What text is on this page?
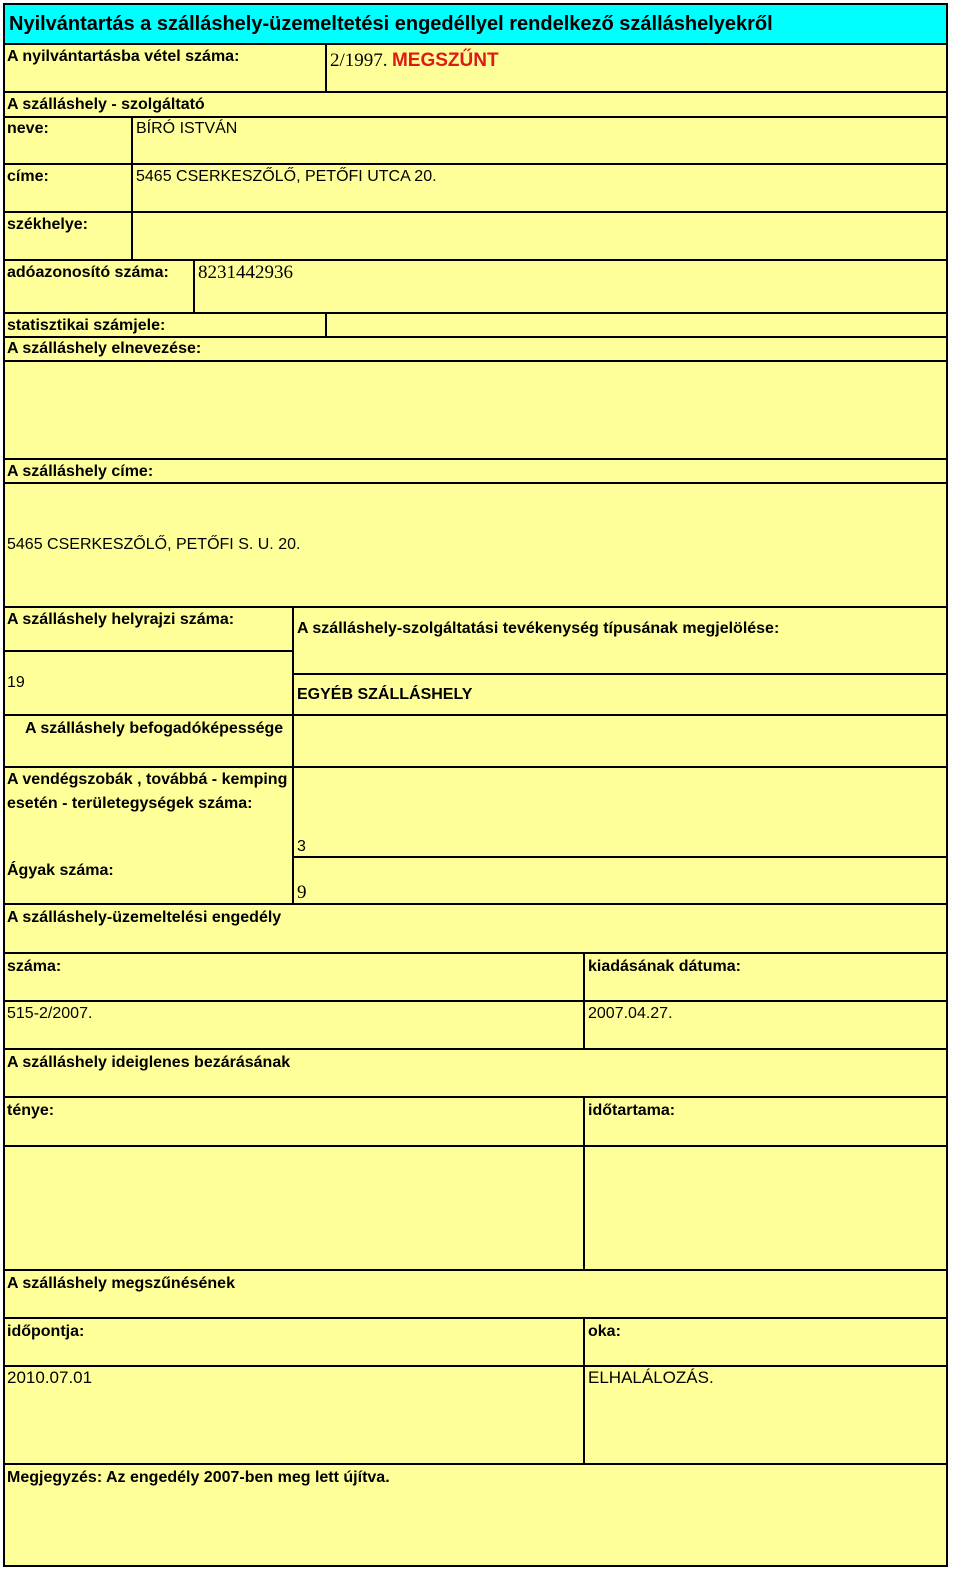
Nyilvántartás a szálláshely-üzemeltetési engedéllyel rendelkező szálláshelyekről
A nyilvántartásba vétel száma:	2/1997. MEGSZŰNT
A szálláshely - szolgáltató
neve:	BÍRÓ ISTVÁN
címe:	5465 CSERKESZŐLŐ, PETŐFI UTCA 20.
székhelye:
adóazonosító száma: 8231442936
statisztikai számjele:
A szálláshely elnevezése:
A szálláshely címe:
5465 CSERKESZŐLŐ, PETŐFI S. U. 20.
A szálláshely helyrajzi száma:
19
A szálláshely-szolgáltatási tevékenység típusának megjelölése:
EGYÉB SZÁLLÁSHELY
A szálláshely befogadóképessége
A vendégszobák , továbbá - kemping
esetén - területegységek száma:
3
Ágyak száma:
9
A szálláshely-üzemeltelési engedély
száma:	kiadásának dátuma:
515-2/2007.	2007.04.27.
A szálláshely ideiglenes bezárásának
ténye:	időtartama:
A szálláshely megszűnésének
időpontja:	oka:
2010.07.01	ELHALÁLOZÁS.
Megjegyzés: Az engedély 2007-ben meg lett újítva.
